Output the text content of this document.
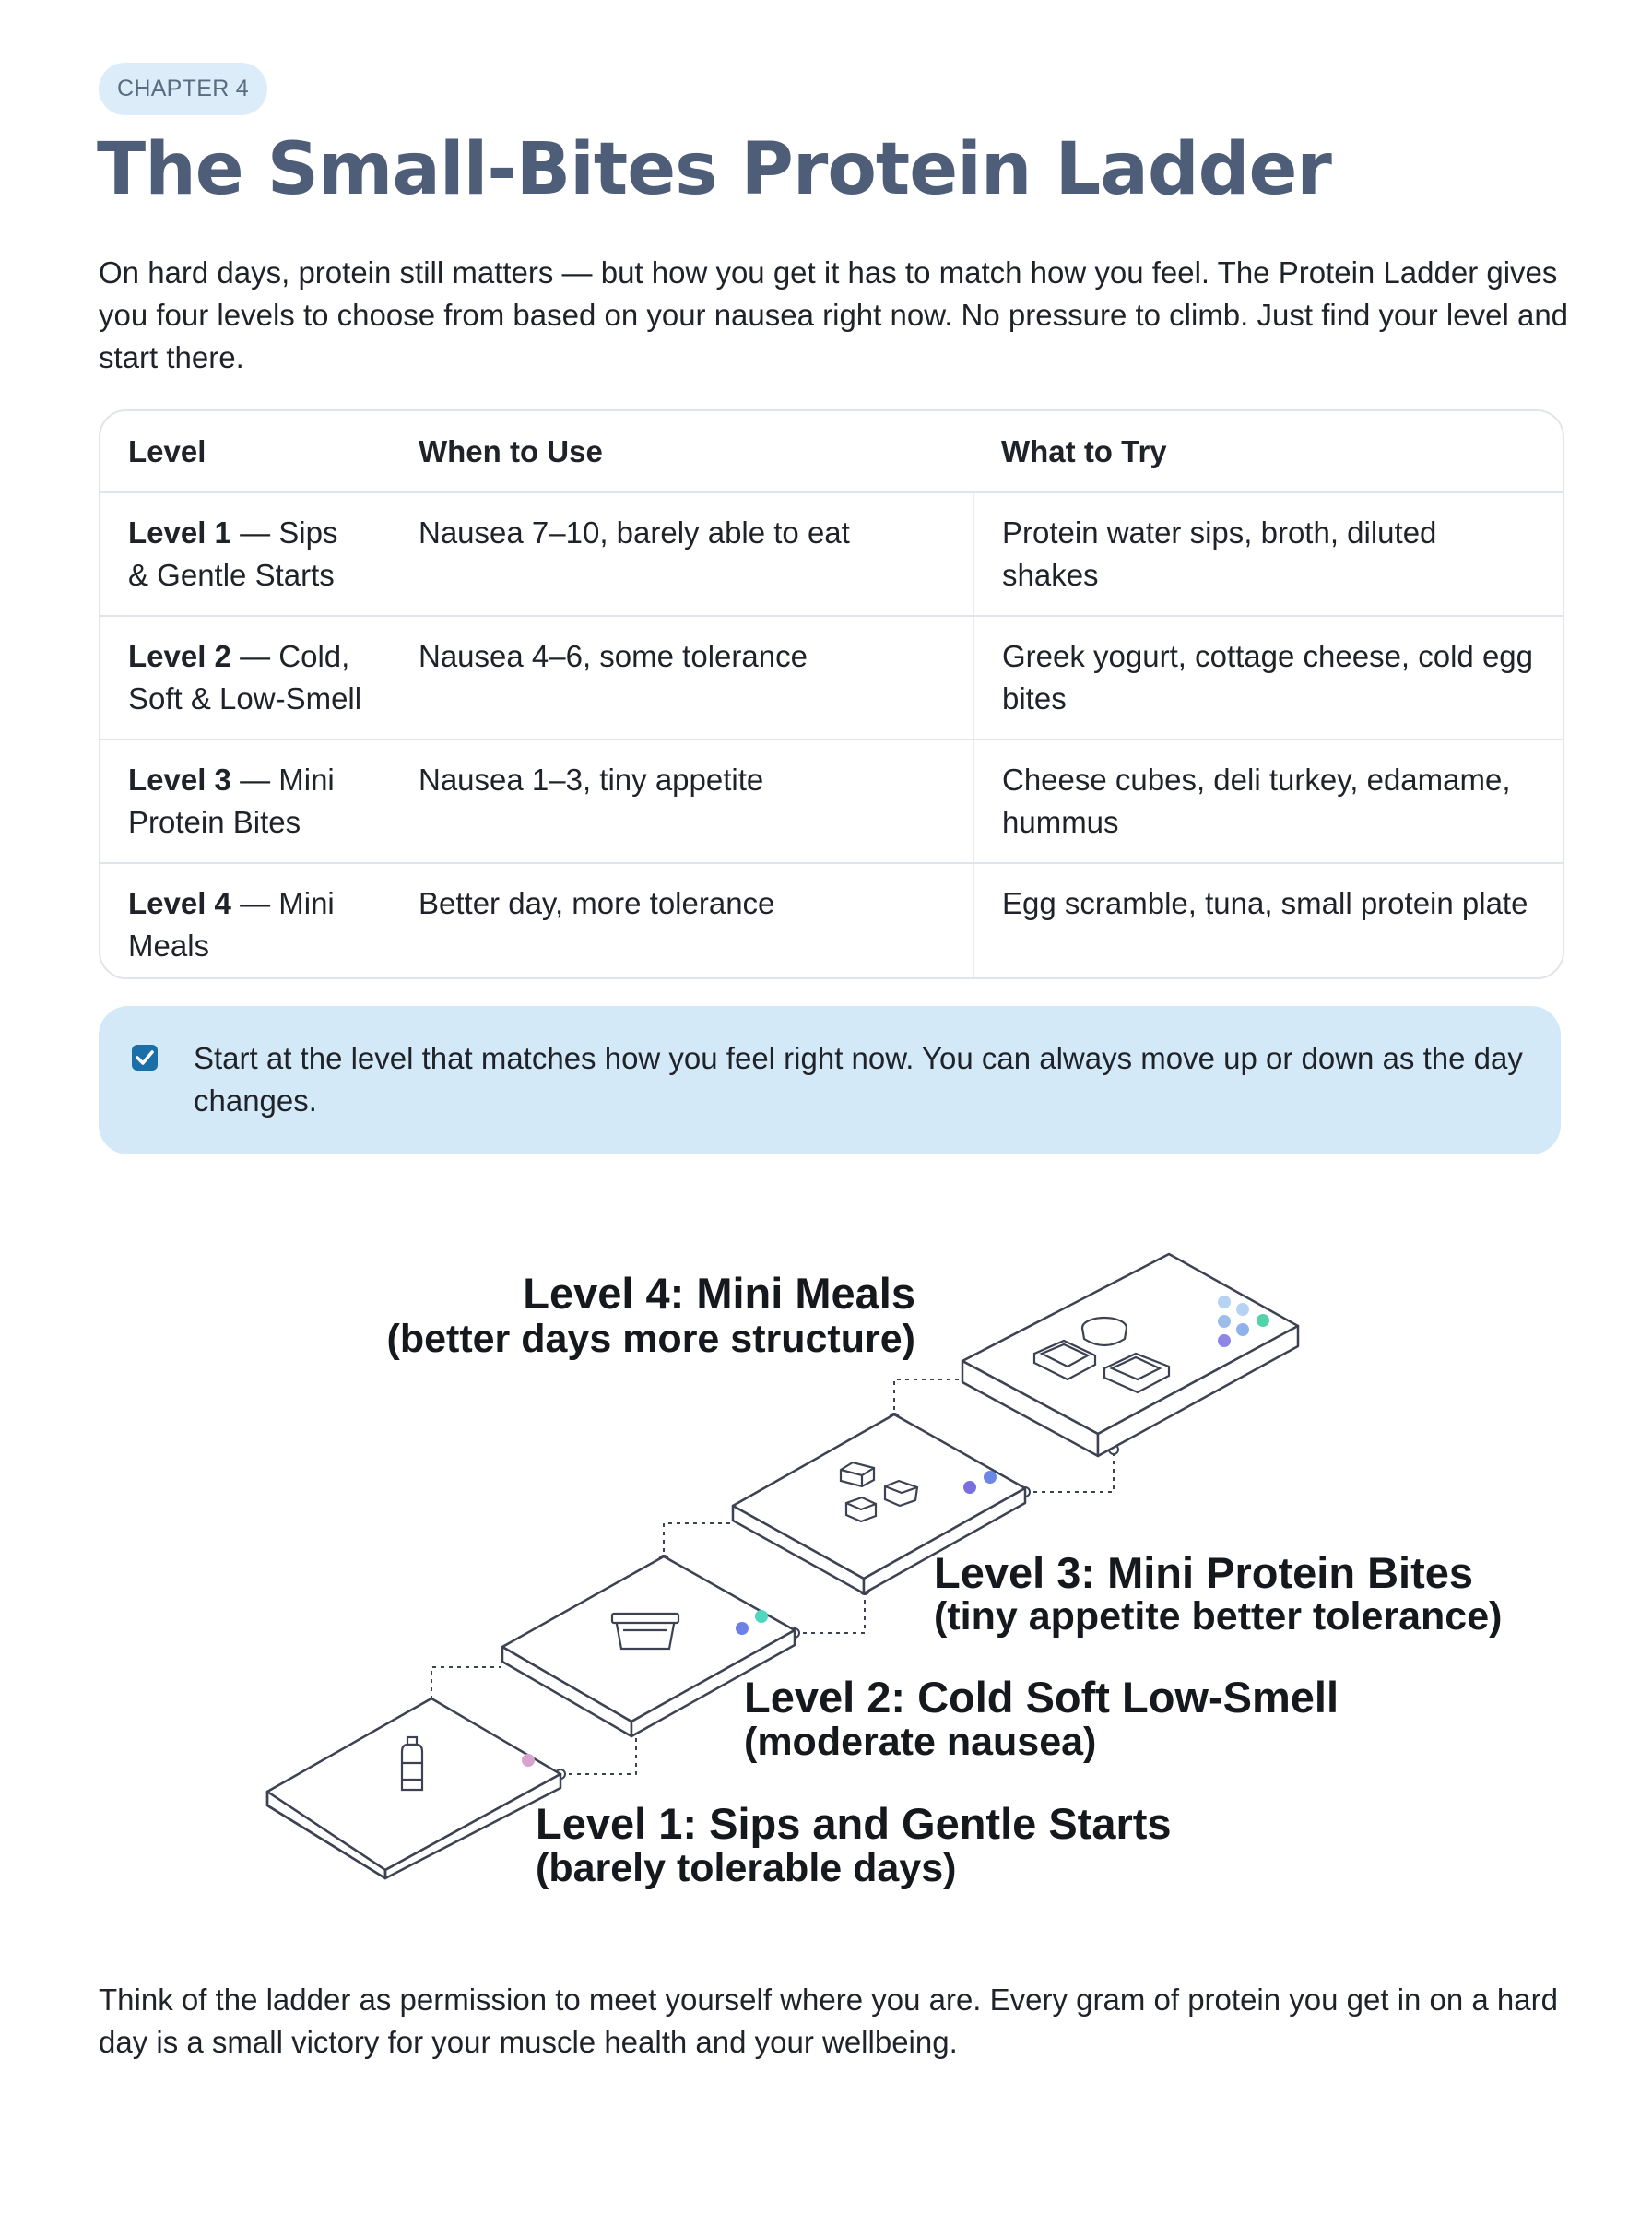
CHAPTER 4
The Small-Bites Protein Ladder

On hard days, protein still matters — but how you get it has to match how you feel. The Protein Ladder gives you four levels to choose from based on your nausea right now. No pressure to climb. Just find your level and start there.

Level	When to Use	What to Try
Level 1 — Sips & Gentle Starts	Nausea 7–10, barely able to eat	Protein water sips, broth, diluted shakes
Level 2 — Cold, Soft & Low-Smell	Nausea 4–6, some tolerance	Greek yogurt, cottage cheese, cold egg bites
Level 3 — Mini Protein Bites	Nausea 1–3, tiny appetite	Cheese cubes, deli turkey, edamame, hummus
Level 4 — Mini Meals	Better day, more tolerance	Egg scramble, tuna, small protein plate

Start at the level that matches how you feel right now. You can always move up or down as the day changes.

Level 4: Mini Meals
(better days more structure)
Level 3: Mini Protein Bites
(tiny appetite better tolerance)
Level 2: Cold Soft Low-Smell
(moderate nausea)
Level 1: Sips and Gentle Starts
(barely tolerable days)

Think of the ladder as permission to meet yourself where you are. Every gram of protein you get in on a hard day is a small victory for your muscle health and your wellbeing.
